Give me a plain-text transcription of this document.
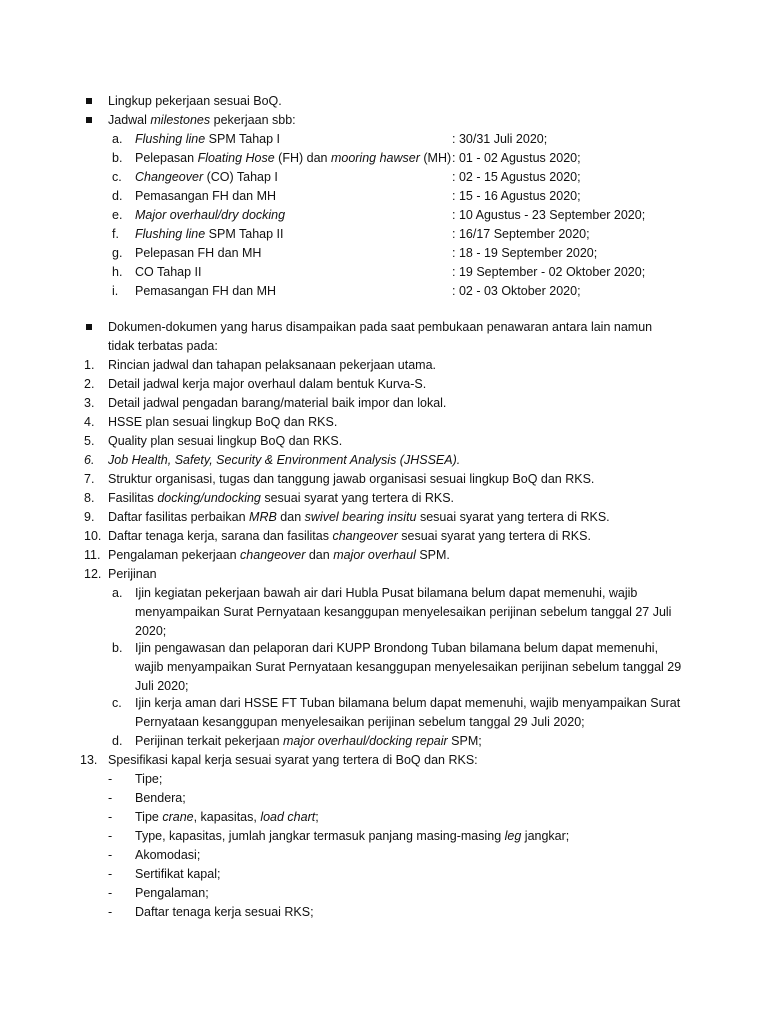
Lingkup pekerjaan sesuai BoQ.
Jadwal milestones pekerjaan sbb:
a.	Flushing line SPM Tahap I	: 30/31 Juli 2020;
b.	Pelepasan Floating Hose (FH) dan mooring hawser (MH) : 01 - 02 Agustus 2020;
c.	Changeover (CO) Tahap I	: 02 - 15 Agustus 2020;
d.	Pemasangan FH dan MH	: 15 - 16 Agustus 2020;
e.	Major overhaul/dry docking	: 10 Agustus - 23 September 2020;
f.	Flushing line SPM Tahap II	: 16/17 September 2020;
g.	Pelepasan FH dan MH	: 18 - 19 September 2020;
h.	CO Tahap II	: 19 September - 02 Oktober 2020;
i.	Pemasangan FH dan MH	: 02 - 03 Oktober 2020;
Dokumen-dokumen yang harus disampaikan pada saat pembukaan penawaran antara lain namun
tidak terbatas pada:
1.	Rincian jadwal dan tahapan pelaksanaan pekerjaan utama.
2.	Detail jadwal kerja major overhaul dalam bentuk Kurva-S.
3.	Detail jadwal pengadan barang/material baik impor dan lokal.
4.	HSSE plan sesuai lingkup BoQ dan RKS.
5.	Quality plan sesuai lingkup BoQ dan RKS.
6.	Job Health, Safety, Security & Environment Analysis (JHSSEA).
7.	Struktur organisasi, tugas dan tanggung jawab organisasi sesuai lingkup BoQ dan RKS.
8.	Fasilitas docking/undocking sesuai syarat yang tertera di RKS.
9.	Daftar fasilitas perbaikan MRB dan swivel bearing insitu sesuai syarat yang tertera di RKS.
10. Daftar tenaga kerja, sarana dan fasilitas changeover sesuai syarat yang tertera di RKS.
11. Pengalaman pekerjaan changeover dan major overhaul SPM.
12. Perijinan
a.	Ijin kegiatan pekerjaan bawah air dari Hubla Pusat bilamana belum dapat memenuhi, wajib
menyampaikan Surat Pernyataan kesanggupan menyelesaikan perijinan sebelum tanggal 27 Juli
2020;
b.	Ijin pengawasan dan pelaporan dari KUPP Brondong Tuban bilamana belum dapat memenuhi,
wajib menyampaikan Surat Pernyataan kesanggupan menyelesaikan perijinan sebelum tanggal 29
Juli 2020;
c.	Ijin kerja aman dari HSSE FT Tuban bilamana belum dapat memenuhi, wajib menyampaikan Surat
Pernyataan kesanggupan menyelesaikan perijinan sebelum tanggal 29 Juli 2020;
d.	Perijinan terkait pekerjaan major overhaul/docking repair SPM;
13. Spesifikasi kapal kerja sesuai syarat yang tertera di BoQ dan RKS:
-	Tipe;
-	Bendera;
-	Tipe crane, kapasitas, load chart;
-	Type, kapasitas, jumlah jangkar termasuk panjang masing-masing leg jangkar;
-	Akomodasi;
-	Sertifikat kapal;
-	Pengalaman;
-	Daftar tenaga kerja sesuai RKS;
